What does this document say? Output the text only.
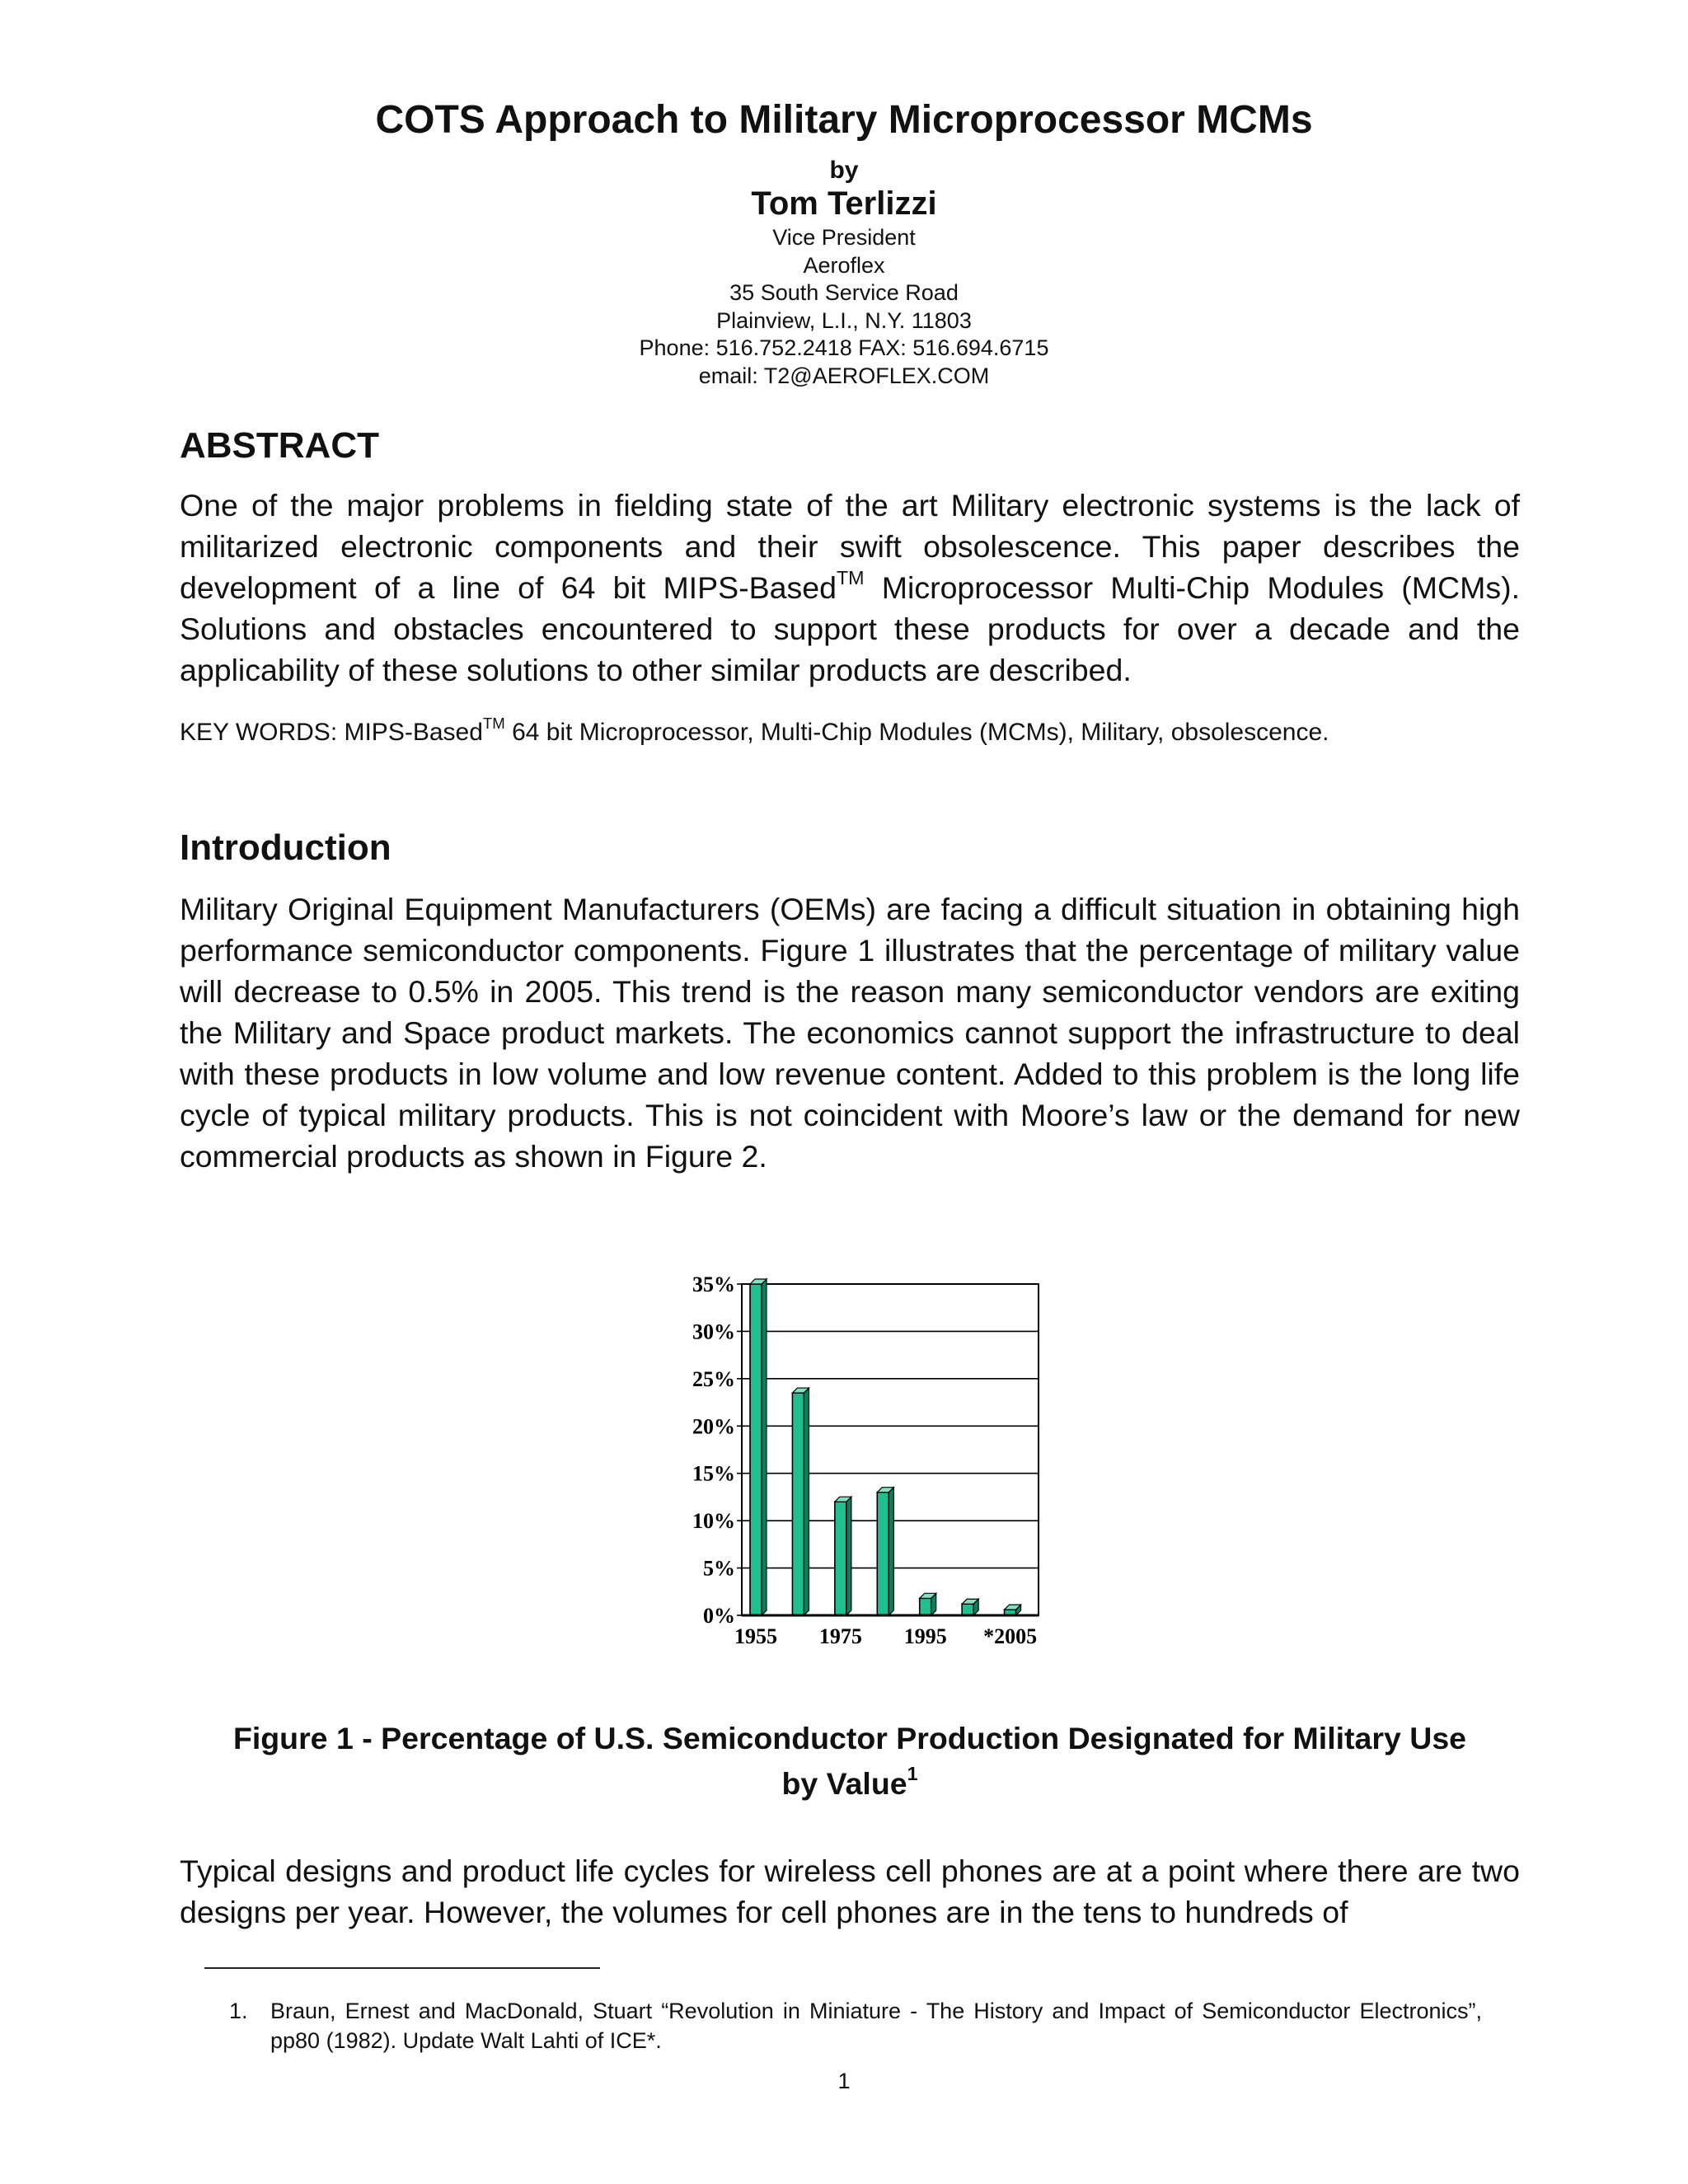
COTS Approach to Military Microprocessor MCMs
by
Tom Terlizzi
Vice President
Aeroflex
35 South Service Road
Plainview, L.I., N.Y. 11803
Phone: 516.752.2418 FAX: 516.694.6715
email: T2@AEROFLEX.COM
ABSTRACT
One of the major problems in fielding state of the art Military electronic systems is the lack of militarized electronic components and their swift obsolescence. This paper describes the development of a line of 64 bit MIPS-Based™ Microprocessor Multi-Chip Modules (MCMs). Solutions and obstacles encountered to support these products for over a decade and the applicability of these solutions to other similar products are described.
KEY WORDS: MIPS-Based™ 64 bit Microprocessor, Multi-Chip Modules (MCMs), Military, obsolescence.
Introduction
Military Original Equipment Manufacturers (OEMs) are facing a difficult situation in obtaining high performance semiconductor components. Figure 1 illustrates that the percentage of military value will decrease to 0.5% in 2005. This trend is the reason many semiconductor vendors are exiting the Military and Space product markets. The economics cannot support the infrastructure to deal with these products in low volume and low revenue content. Added to this problem is the long life cycle of typical military products. This is not coincident with Moore’s law or the demand for new commercial products as shown in Figure 2.
0%
5%
10%
15%
20%
25%
30%
35%
1955 1975 1995 *2005
Figure 1 - Percentage of U.S. Semiconductor Production Designated for Military Use
by Value$^1$
Typical designs and product life cycles for wireless cell phones are at a point where there are two designs per year. However, the volumes for cell phones are in the tens to hundreds of
1. Braun, Ernest and MacDonald, Stuart “Revolution in Miniature - The History and Impact of Semiconductor Electronics”, pp80 (1982). Update Walt Lahti of ICE*.
1
